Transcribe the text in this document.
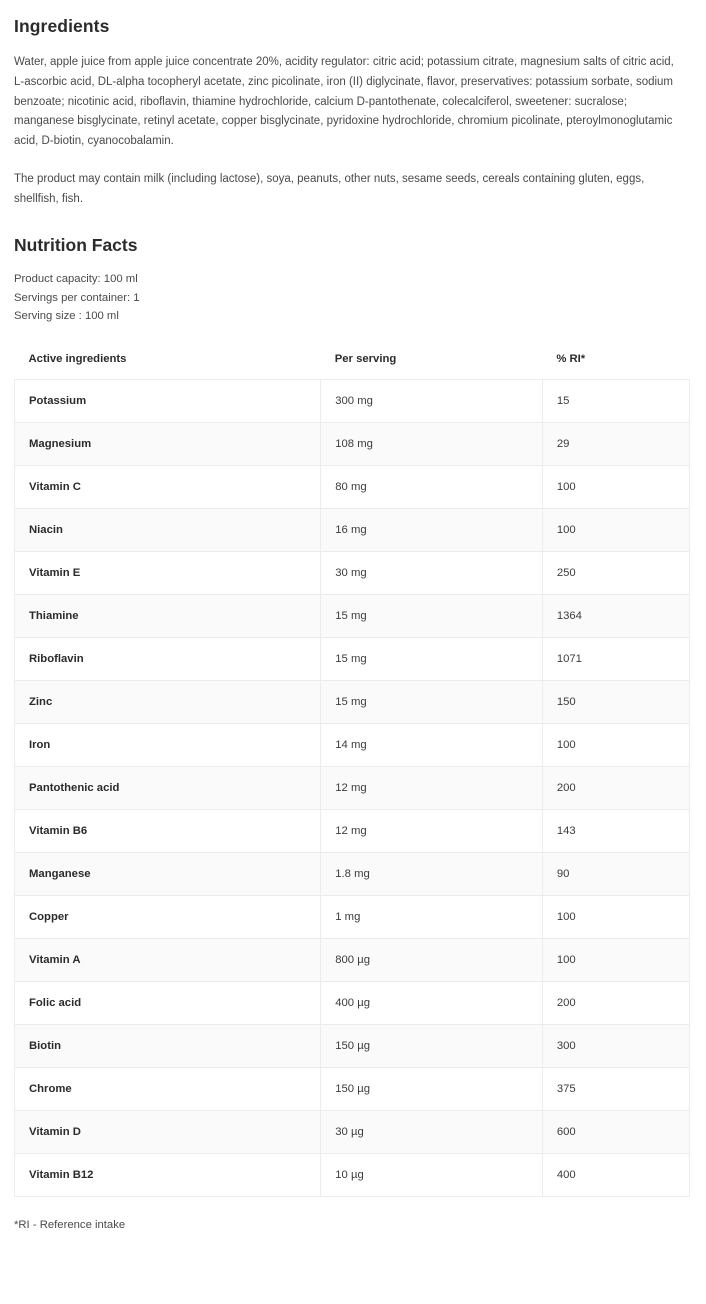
Ingredients

Water, apple juice from apple juice concentrate 20%, acidity regulator: citric acid; potassium citrate, magnesium salts of citric acid, L-ascorbic acid, DL-alpha tocopheryl acetate, zinc picolinate, iron (II) diglycinate, flavor, preservatives: potassium sorbate, sodium benzoate; nicotinic acid, riboflavin, thiamine hydrochloride, calcium D-pantothenate, colecalciferol, sweetener: sucralose; manganese bisglycinate, retinyl acetate, copper bisglycinate, pyridoxine hydrochloride, chromium picolinate, pteroylmonoglutamic acid, D-biotin, cyanocobalamin.

The product may contain milk (including lactose), soya, peanuts, other nuts, sesame seeds, cereals containing gluten, eggs, shellfish, fish.

Nutrition Facts
Product capacity: 100 ml
Servings per container: 1
Serving size : 100 ml
Active ingredients	Per serving	% RI*
Potassium	300 mg	15
Magnesium	108 mg	29
Vitamin C	80 mg	100
Niacin	16 mg	100
Vitamin E	30 mg	250
Thiamine	15 mg	1364
Riboflavin	15 mg	1071
Zinc	15 mg	150
Iron	14 mg	100
Pantothenic acid	12 mg	200
Vitamin B6	12 mg	143
Manganese	1.8 mg	90
Copper	1 mg	100
Vitamin A	800 µg	100
Folic acid	400 µg	200
Biotin	150 µg	300
Chrome	150 µg	375
Vitamin D	30 µg	600
Vitamin B12	10 µg	400

*RI - Reference intake
